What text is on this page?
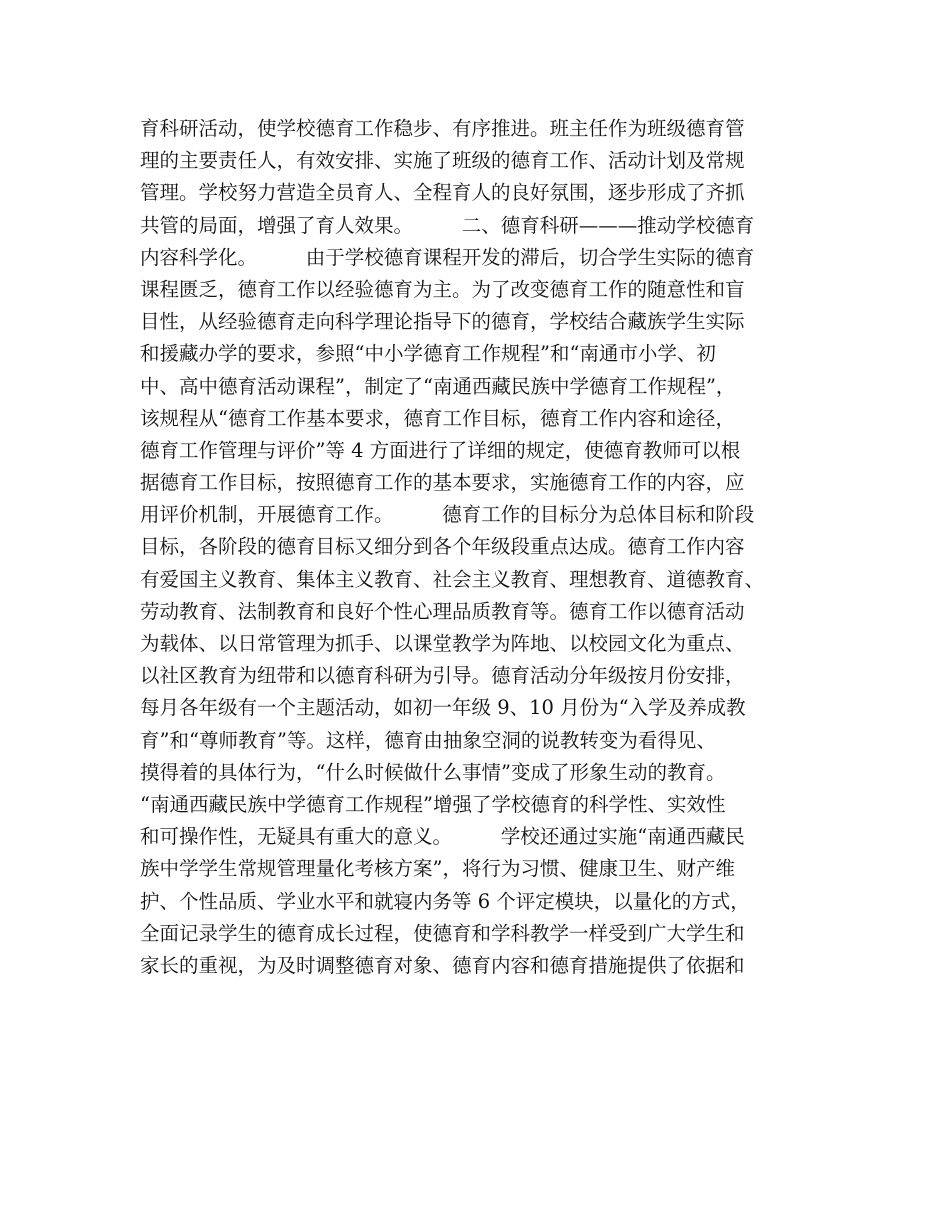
育科研活动，使学校德育工作稳步、有序推进。班主任作为班级德育管
理的主要责任人，有效安排、实施了班级的德育工作、活动计划及常规
管理。学校努力营造全员育人、全程育人的良好氛围，逐步形成了齐抓
共管的局面，增强了育人效果。　　　二、德育科研———推动学校德育
内容科学化。　　　由于学校德育课程开发的滞后，切合学生实际的德育
课程匮乏，德育工作以经验德育为主。为了改变德育工作的随意性和盲
目性，从经验德育走向科学理论指导下的德育，学校结合藏族学生实际
和援藏办学的要求，参照“中小学德育工作规程”和“南通市小学、初
中、高中德育活动课程”，制定了“南通西藏民族中学德育工作规程”，
该规程从“德育工作基本要求，德育工作目标，德育工作内容和途径，
德育工作管理与评价”等 4 方面进行了详细的规定，使德育教师可以根
据德育工作目标，按照德育工作的基本要求，实施德育工作的内容，应
用评价机制，开展德育工作。　　　德育工作的目标分为总体目标和阶段
目标，各阶段的德育目标又细分到各个年级段重点达成。德育工作内容
有爱国主义教育、集体主义教育、社会主义教育、理想教育、道德教育、
劳动教育、法制教育和良好个性心理品质教育等。德育工作以德育活动
为载体、以日常管理为抓手、以课堂教学为阵地、以校园文化为重点、
以社区教育为纽带和以德育科研为引导。德育活动分年级按月份安排，
每月各年级有一个主题活动，如初一年级 9、10 月份为“入学及养成教
育”和“尊师教育”等。这样，德育由抽象空洞的说教转变为看得见、
摸得着的具体行为，“什么时候做什么事情”变成了形象生动的教育。
“南通西藏民族中学德育工作规程”增强了学校德育的科学性、实效性
和可操作性，无疑具有重大的意义。　　　学校还通过实施“南通西藏民
族中学学生常规管理量化考核方案”，将行为习惯、健康卫生、财产维
护、个性品质、学业水平和就寝内务等 6 个评定模块，以量化的方式，
全面记录学生的德育成长过程，使德育和学科教学一样受到广大学生和
家长的重视，为及时调整德育对象、德育内容和德育措施提供了依据和
